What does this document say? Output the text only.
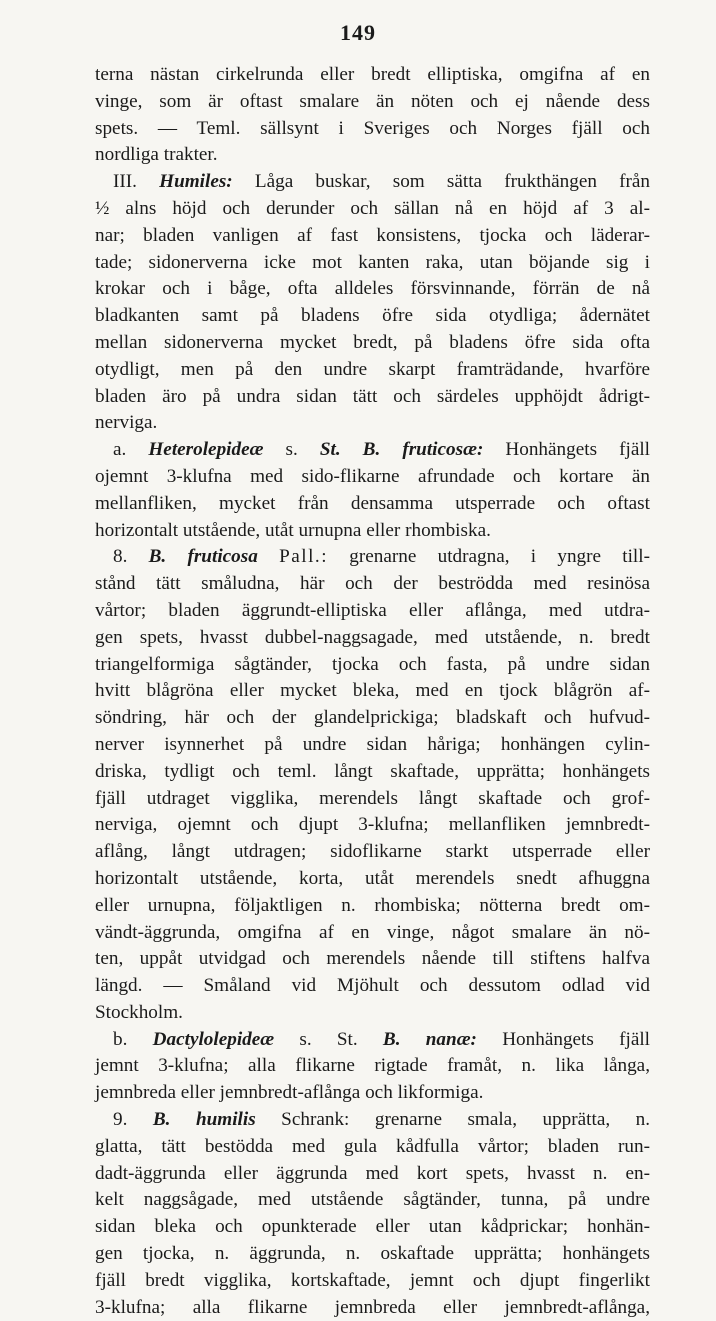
149
terna nästan cirkelrunda eller bredt elliptiska, omgifna af en
vinge, som är oftast smalare än nöten och ej nående dess
spets. — Teml. sällsynt i Sveriges och Norges fjäll och
nordliga trakter.
III. Humiles: Låga buskar, som sätta frukthängen från
½ alns höjd och derunder och sällan nå en höjd af 3 al-
nar; bladen vanligen af fast konsistens, tjocka och läderar-
tade; sidonerverna icke mot kanten raka, utan böjande sig i
krokar och i båge, ofta alldeles försvinnande, förrän de nå
bladkanten samt på bladens öfre sida otydliga; ådernätet
mellan sidonerverna mycket bredt, på bladens öfre sida ofta
otydligt, men på den undre skarpt framträdande, hvarföre
bladen äro på undra sidan tätt och särdeles upphöjdt ådrigt-
nerviga.
a. Heterolepideæ s. St. B. fruticosæ: Honhängets fjäll
ojemnt 3-klufna med sido-flikarne afrundade och kortare än
mellanfliken, mycket från densamma utsperrade och oftast
horizontalt utstående, utåt urnupna eller rhombiska.
8. B. fruticosa Pall.: grenarne utdragna, i yngre till-
stånd tätt småludna, här och der beströdda med resinösa
vårtor; bladen äggrundt-elliptiska eller aflånga, med utdra-
gen spets, hvasst dubbel-naggsagade, med utstående, n. bredt
triangelformiga sågtänder, tjocka och fasta, på undre sidan
hvitt blågröna eller mycket bleka, med en tjock blågrön af-
söndring, här och der glandelprickiga; bladskaft och hufvud-
nerver isynnerhet på undre sidan håriga; honhängen cylin-
driska, tydligt och teml. långt skaftade, upprätta; honhängets
fjäll utdraget vigglika, merendels långt skaftade och grof-
nerviga, ojemnt och djupt 3-klufna; mellanfliken jemnbredt-
aflång, långt utdragen; sidoflikarne starkt utsperrade eller
horizontalt utstående, korta, utåt merendels snedt afhuggna
eller urnupna, följaktligen n. rhombiska; nötterna bredt om-
vändt-äggrunda, omgifna af en vinge, något smalare än nö-
ten, uppåt utvidgad och merendels nående till stiftens halfva
längd. — Småland vid Mjöhult och dessutom odlad vid
Stockholm.
b. Dactylolepideæ s. St. B. nanæ: Honhängets fjäll
jemnt 3-klufna; alla flikarne rigtade framåt, n. lika långa,
jemnbreda eller jemnbredt-aflånga och likformiga.
9. B. humilis Schrank: grenarne smala, upprätta, n.
glatta, tätt bestödda med gula kådfulla vårtor; bladen run-
dadt-äggrunda eller äggrunda med kort spets, hvasst n. en-
kelt naggsågade, med utstående sågtänder, tunna, på undre
sidan bleka och opunkterade eller utan kådprickar; honhän-
gen tjocka, n. äggrunda, n. oskaftade upprätta; honhängets
fjäll bredt vigglika, kortskaftade, jemnt och djupt fingerlikt
3-klufna; alla flikarne jemnbreda eller jemnbredt-aflånga,
